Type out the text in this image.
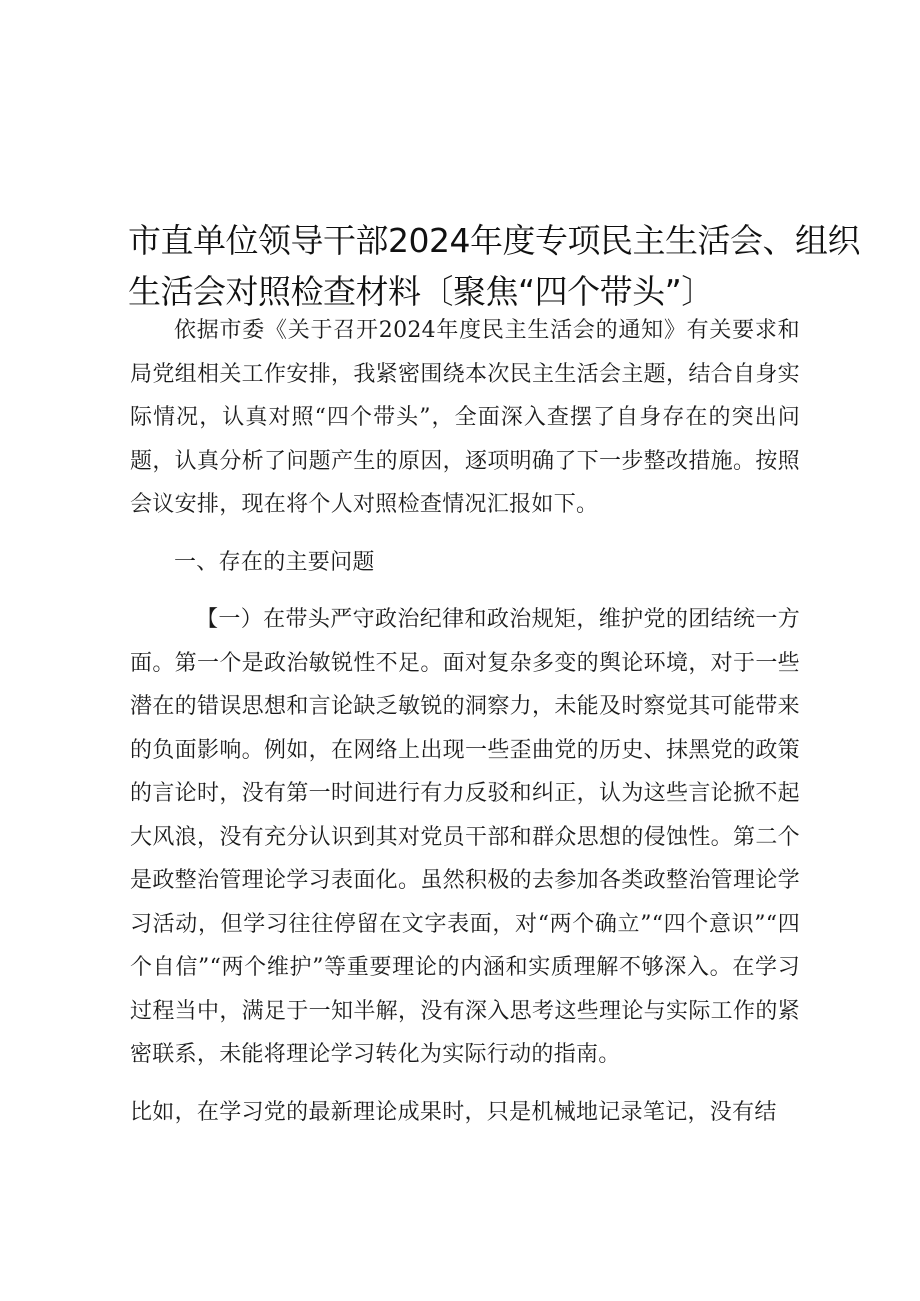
市直单位领导干部2024年度专项民主生活会、组织
生活会对照检查材料〔聚焦“四个带头”〕

依据市委《关于召开2024年度民主生活会的通知》有关要求和局党组相关工作安排，我紧密围绕本次民主生活会主题，结合自身实际情况，认真对照“四个带头”，全面深入查摆了自身存在的突出问题，认真分析了问题产生的原因，逐项明确了下一步整改措施。按照会议安排，现在将个人对照检查情况汇报如下。

一、存在的主要问题

【一）在带头严守政治纪律和政治规矩，维护党的团结统一方面。第一个是政治敏锐性不足。面对复杂多变的舆论环境，对于一些潜在的错误思想和言论缺乏敏锐的洞察力，未能及时察觉其可能带来的负面影响。例如，在网络上出现一些歪曲党的历史、抹黑党的政策的言论时，没有第一时间进行有力反驳和纠正，认为这些言论掀不起大风浪，没有充分认识到其对党员干部和群众思想的侵蚀性。第二个是政整治管理论学习表面化。虽然积极的去参加各类政整治管理论学习活动，但学习往往停留在文字表面，对“两个确立”“四个意识”“四个自信”“两个维护”等重要理论的内涵和实质理解不够深入。在学习过程当中，满足于一知半解，没有深入思考这些理论与实际工作的紧密联系，未能将理论学习转化为实际行动的指南。

比如，在学习党的最新理论成果时，只是机械地记录笔记，没有结
